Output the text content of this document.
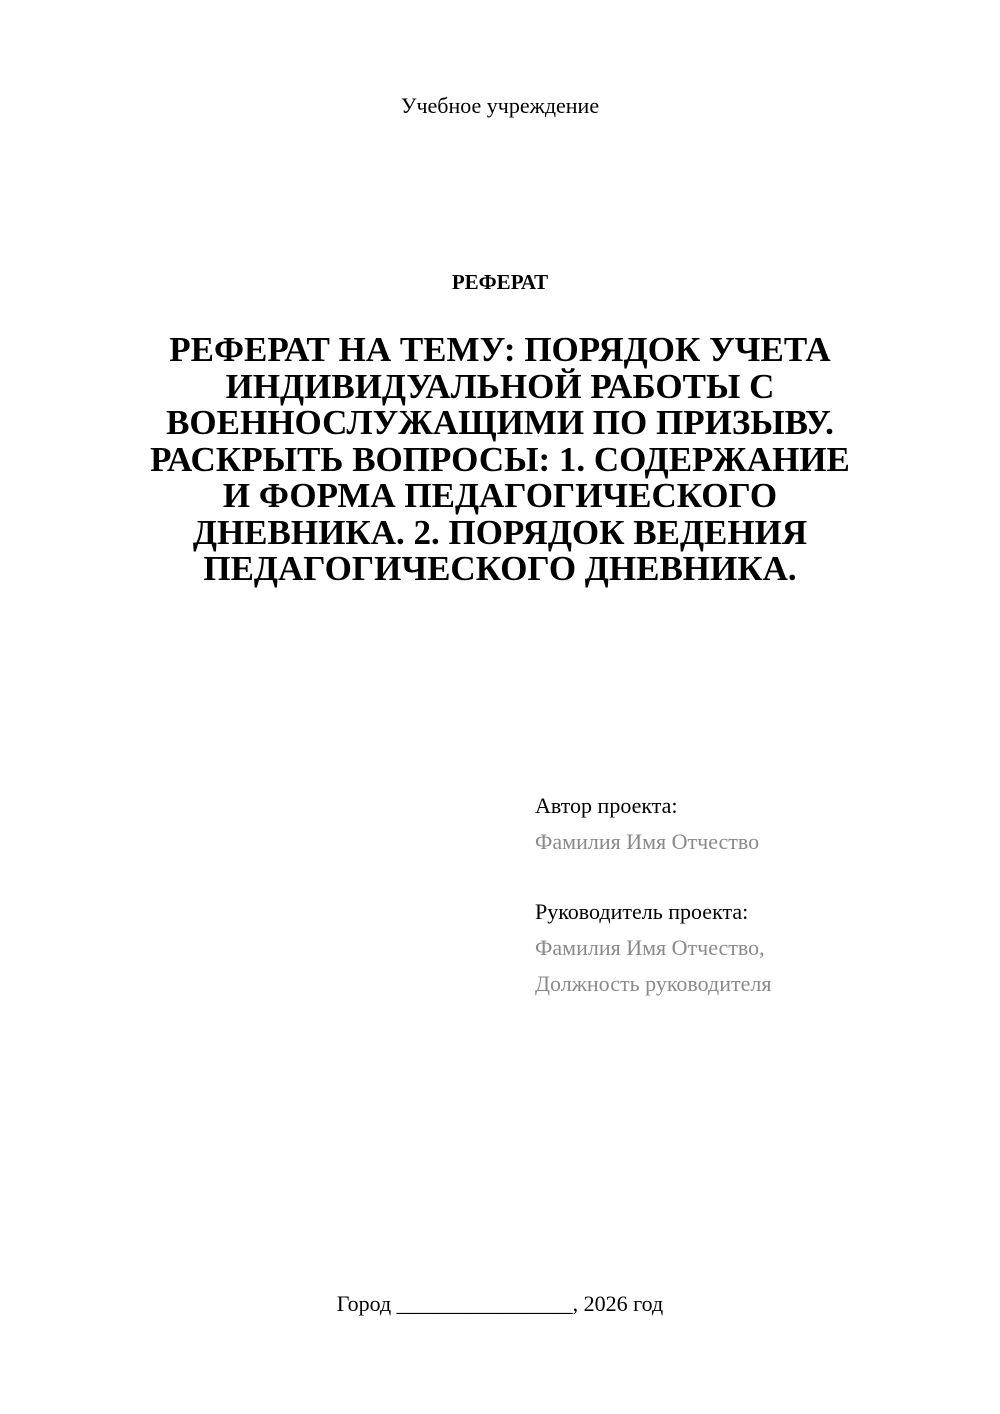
Учебное учреждение
РЕФЕРАТ
РЕФЕРАТ НА ТЕМУ: ПОРЯДОК УЧЕТА ИНДИВИДУАЛЬНОЙ РАБОТЫ С ВОЕННОСЛУЖАЩИМИ ПО ПРИЗЫВУ. РАСКРЫТЬ ВОПРОСЫ: 1. СОДЕРЖАНИЕ И ФОРМА ПЕДАГОГИЧЕСКОГО ДНЕВНИКА. 2. ПОРЯДОК ВЕДЕНИЯ ПЕДАГОГИЧЕСКОГО ДНЕВНИКА.
Автор проекта:
Фамилия Имя Отчество
Руководитель проекта:
Фамилия Имя Отчество,
Должность руководителя
Город ________________, 2026 год
